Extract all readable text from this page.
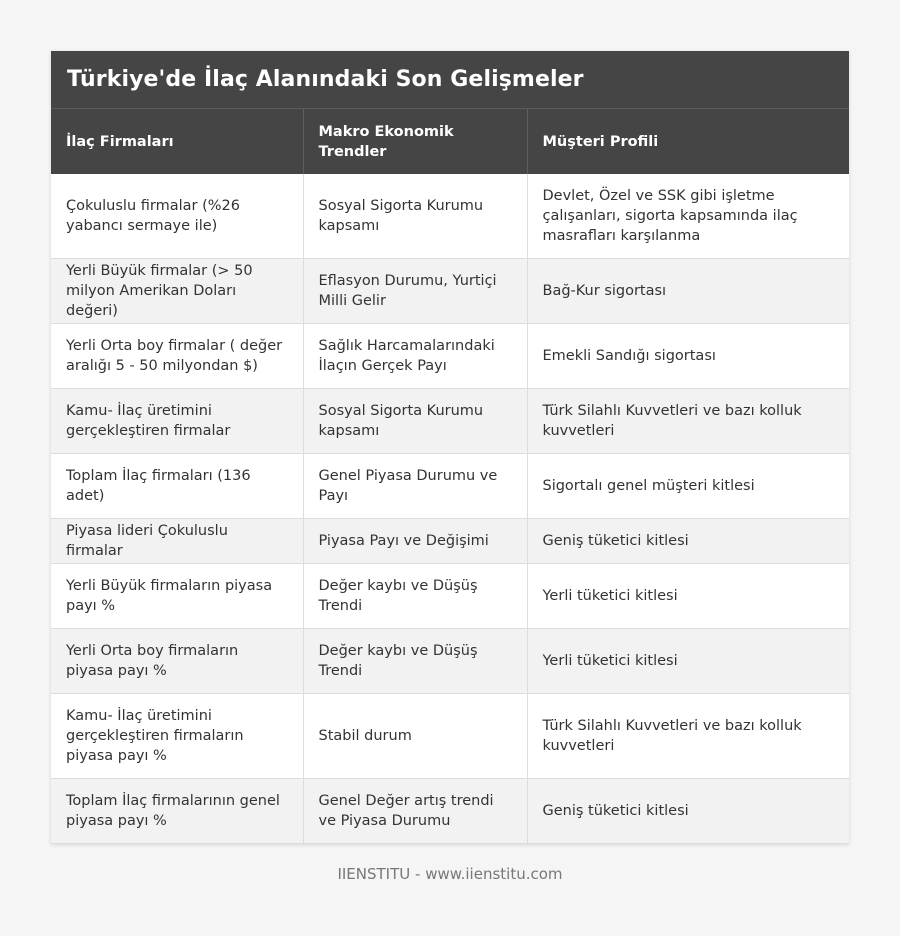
Türkiye'de İlaç Alanındaki Son Gelişmeler
İlaç Firmaları	Makro Ekonomik Trendler	Müşteri Profili
Çokuluslu firmalar (%26 yabancı sermaye ile)	Sosyal Sigorta Kurumu kapsamı	Devlet, Özel ve SSK gibi işletme çalışanları, sigorta kapsamında ilaç masrafları karşılanma
Yerli Büyük firmalar (> 50 milyon Amerikan Doları değeri)	Eflasyon Durumu, Yurtiçi Milli Gelir	Bağ-Kur sigortası
Yerli Orta boy firmalar ( değer aralığı 5 - 50 milyondan $)	Sağlık Harcamalarındaki İlaçın Gerçek Payı	Emekli Sandığı sigortası
Kamu- İlaç üretimini gerçekleştiren firmalar	Sosyal Sigorta Kurumu kapsamı	Türk Silahlı Kuvvetleri ve bazı kolluk kuvvetleri
Toplam İlaç firmaları (136 adet)	Genel Piyasa Durumu ve Payı	Sigortalı genel müşteri kitlesi
Piyasa lideri Çokuluslu firmalar	Piyasa Payı ve Değişimi	Geniş tüketici kitlesi
Yerli Büyük firmaların piyasa payı %	Değer kaybı ve Düşüş Trendi	Yerli tüketici kitlesi
Yerli Orta boy firmaların piyasa payı %	Değer kaybı ve Düşüş Trendi	Yerli tüketici kitlesi
Kamu- İlaç üretimini gerçekleştiren firmaların piyasa payı %	Stabil durum	Türk Silahlı Kuvvetleri ve bazı kolluk kuvvetleri
Toplam İlaç firmalarının genel piyasa payı %	Genel Değer artış trendi ve Piyasa Durumu	Geniş tüketici kitlesi
IIENSTITU - www.iienstitu.com
